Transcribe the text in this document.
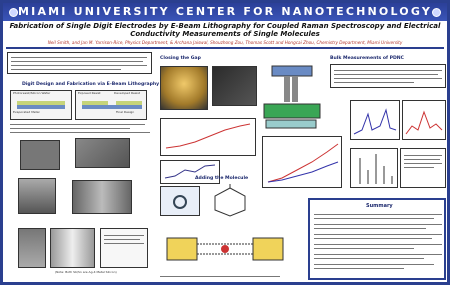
MIAMI UNIVERSITY CENTER FOR NANOTECHNOLOGY
Fabrication of Single Digit Electrodes by E-Beam Lithography for Coupled Raman Spectroscopy and Electrical Conductivity Measurements of Single Molecules
Neil Smith, and Jan M. Yarrison-Rice, Physics Department, & Archana Jaiswal, Shouzhong Zou, Thomas Scott and Hongcai Zhou, Chemistry Department, Miami University
Digit Design and Fabrication via E-Beam Lithography
Photoresist/Silicon Wafer
Evaporated Metal
Exposed Resist	Developed Resist
Final Design
(Note: Both Sb/Sn are Ag-4 Metal Silicon)
Closing the Gap
Adding the Molecule
Bulk Measurements of PDNC
Summary
